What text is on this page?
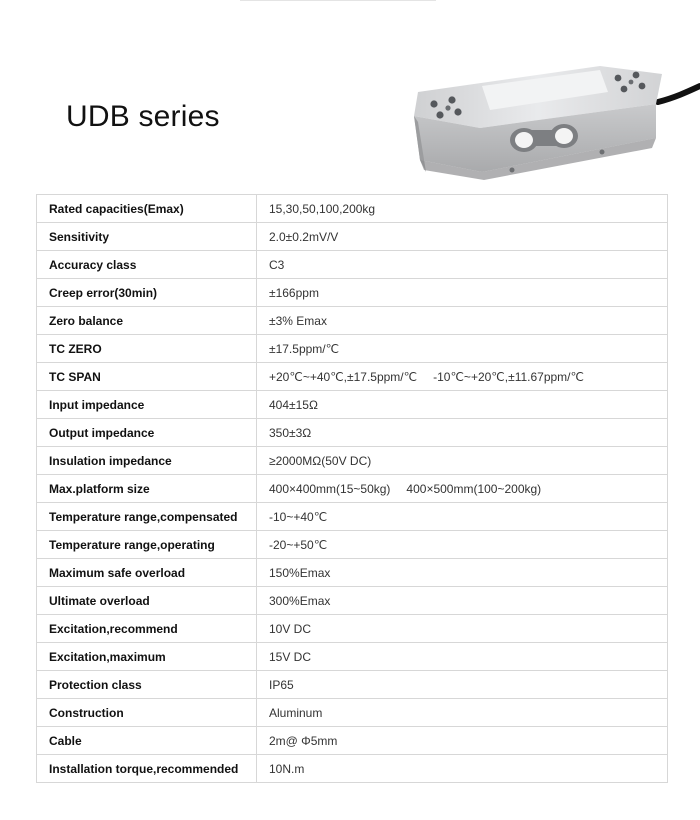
UDB series
Rated capacities(Emax)	15,30,50,100,200kg
Sensitivity	2.0±0.2mV/V
Accuracy class	C3
Creep error(30min)	±166ppm
Zero balance	±3% Emax
TC ZERO	±17.5ppm/℃
TC SPAN	+20℃~+40℃,±17.5ppm/℃ -10℃~+20℃,±11.67ppm/℃
Input impedance	404±15Ω
Output impedance	350±3Ω
Insulation impedance	≥2000MΩ(50V DC)
Max.platform size	400×400mm(15~50kg) 400×500mm(100~200kg)
Temperature range,compensated	-10~+40℃
Temperature range,operating	-20~+50℃
Maximum safe overload	150%Emax
Ultimate overload	300%Emax
Excitation,recommend	10V DC
Excitation,maximum	15V DC
Protection class	IP65
Construction	Aluminum
Cable	2m@ Φ5mm
Installation torque,recommended	10N.m
